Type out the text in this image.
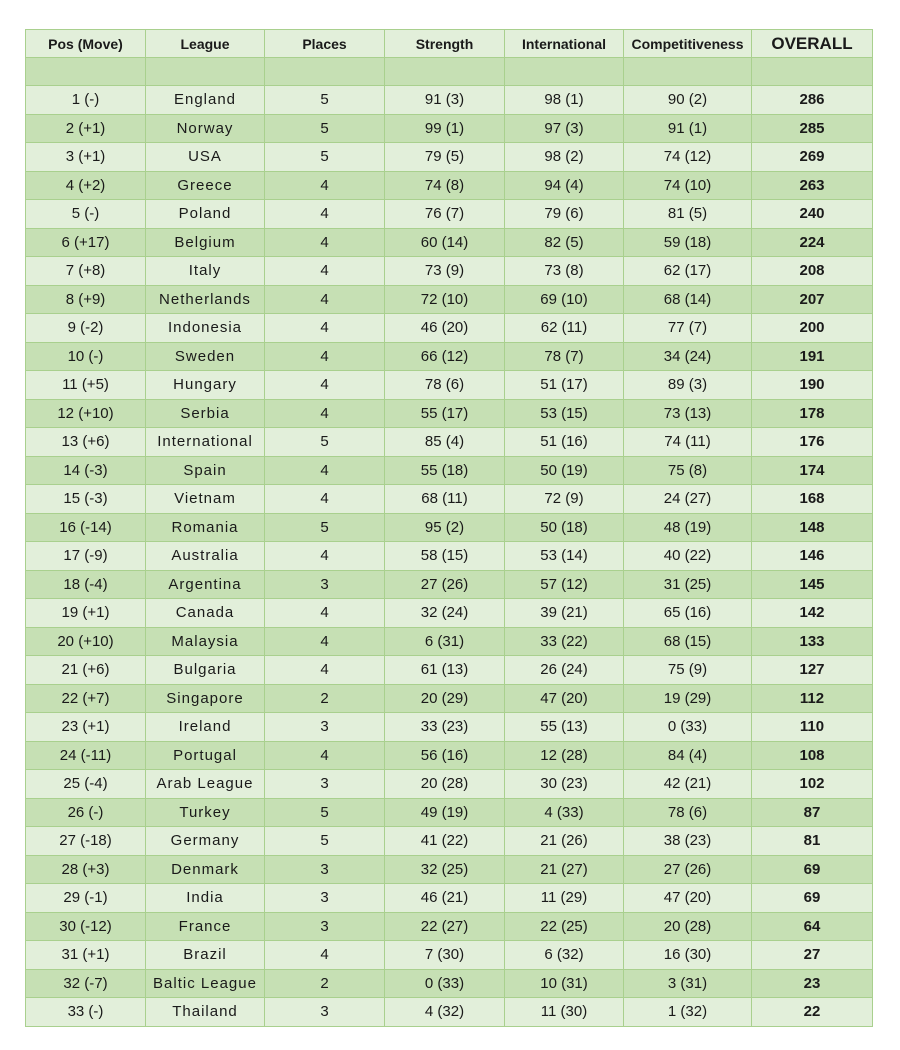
Pos (Move)	League	Places	Strength	International	Competitiveness	OVERALL

1 (-)	England	5	91 (3)	98 (1)	90 (2)	286
2 (+1)	Norway	5	99 (1)	97 (3)	91 (1)	285
3 (+1)	USA	5	79 (5)	98 (2)	74 (12)	269
4 (+2)	Greece	4	74 (8)	94 (4)	74 (10)	263
5 (-)	Poland	4	76 (7)	79 (6)	81 (5)	240
6 (+17)	Belgium	4	60 (14)	82 (5)	59 (18)	224
7 (+8)	Italy	4	73 (9)	73 (8)	62 (17)	208
8 (+9)	Netherlands	4	72 (10)	69 (10)	68 (14)	207
9 (-2)	Indonesia	4	46 (20)	62 (11)	77 (7)	200
10 (-)	Sweden	4	66 (12)	78 (7)	34 (24)	191
11 (+5)	Hungary	4	78 (6)	51 (17)	89 (3)	190
12 (+10)	Serbia	4	55 (17)	53 (15)	73 (13)	178
13 (+6)	International	5	85 (4)	51 (16)	74 (11)	176
14 (-3)	Spain	4	55 (18)	50 (19)	75 (8)	174
15 (-3)	Vietnam	4	68 (11)	72 (9)	24 (27)	168
16 (-14)	Romania	5	95 (2)	50 (18)	48 (19)	148
17 (-9)	Australia	4	58 (15)	53 (14)	40 (22)	146
18 (-4)	Argentina	3	27 (26)	57 (12)	31 (25)	145
19 (+1)	Canada	4	32 (24)	39 (21)	65 (16)	142
20 (+10)	Malaysia	4	6 (31)	33 (22)	68 (15)	133
21 (+6)	Bulgaria	4	61 (13)	26 (24)	75 (9)	127
22 (+7)	Singapore	2	20 (29)	47 (20)	19 (29)	112
23 (+1)	Ireland	3	33 (23)	55 (13)	0 (33)	110
24 (-11)	Portugal	4	56 (16)	12 (28)	84 (4)	108
25 (-4)	Arab League	3	20 (28)	30 (23)	42 (21)	102
26 (-)	Turkey	5	49 (19)	4 (33)	78 (6)	87
27 (-18)	Germany	5	41 (22)	21 (26)	38 (23)	81
28 (+3)	Denmark	3	32 (25)	21 (27)	27 (26)	69
29 (-1)	India	3	46 (21)	11 (29)	47 (20)	69
30 (-12)	France	3	22 (27)	22 (25)	20 (28)	64
31 (+1)	Brazil	4	7 (30)	6 (32)	16 (30)	27
32 (-7)	Baltic League	2	0 (33)	10 (31)	3 (31)	23
33 (-)	Thailand	3	4 (32)	11 (30)	1 (32)	22
